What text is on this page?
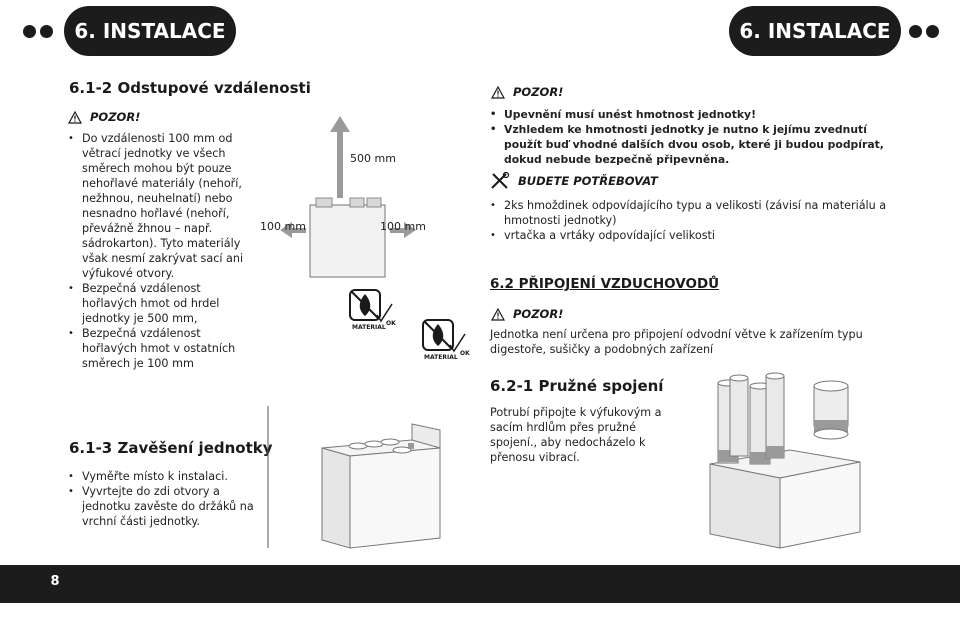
6. INSTALACE	6. INSTALACE
6.1-2 Odstupové vzdálenosti
POZOR!
• Do vzdálenosti 100 mm od větrací jednotky ve všech směrech mohou být pouze nehořlavé materiály (nehoří, nežhnou, neuhelnatí) nebo nesnadno hořlavé (nehoří, převážně žhnou – např. sádrokarton). Tyto materiály však nesmí zakrývat sací ani výfukové otvory.
• Bezpečná vzdálenost hořlavých hmot od hrdel jednotky je 500 mm,
• Bezpečná vzdálenost hořlavých hmot v ostatních směrech je 100 mm
500 mm
100 mm	100 mm
MATERIAL
OK
MATERIAL
OK
6.1-3 Zavěšení jednotky
• Vyměřte místo k instalaci.
• Vyvrtejte do zdi otvory a jednotku zavěste do držáků na vrchní části jednotky.
POZOR!
• Upevnění musí unést hmotnost jednotky!
• Vzhledem ke hmotnosti jednotky je nutno k jejímu zvednutí použít buď vhodné dalších dvou osob, které ji budou podpírat, dokud nebude bezpečně připevněna.
BUDETE POTŘEBOVAT
• 2ks hmoždinek odpovídajícího typu a velikosti (závisí na materiálu a hmotnosti jednotky)
• vrtačka a vrtáky odpovídající velikosti
6.2 PŘIPOJENÍ VZDUCHOVODŮ
POZOR!
Jednotka není určena pro připojení odvodní větve k zařízením typu digestoře, sušičky a podobných zařízení
6.2-1 Pružné spojení
Potrubí připojte k výfukovým a sacím hrdlům přes pružné spojení., aby nedocházelo k přenosu vibrací.
8
